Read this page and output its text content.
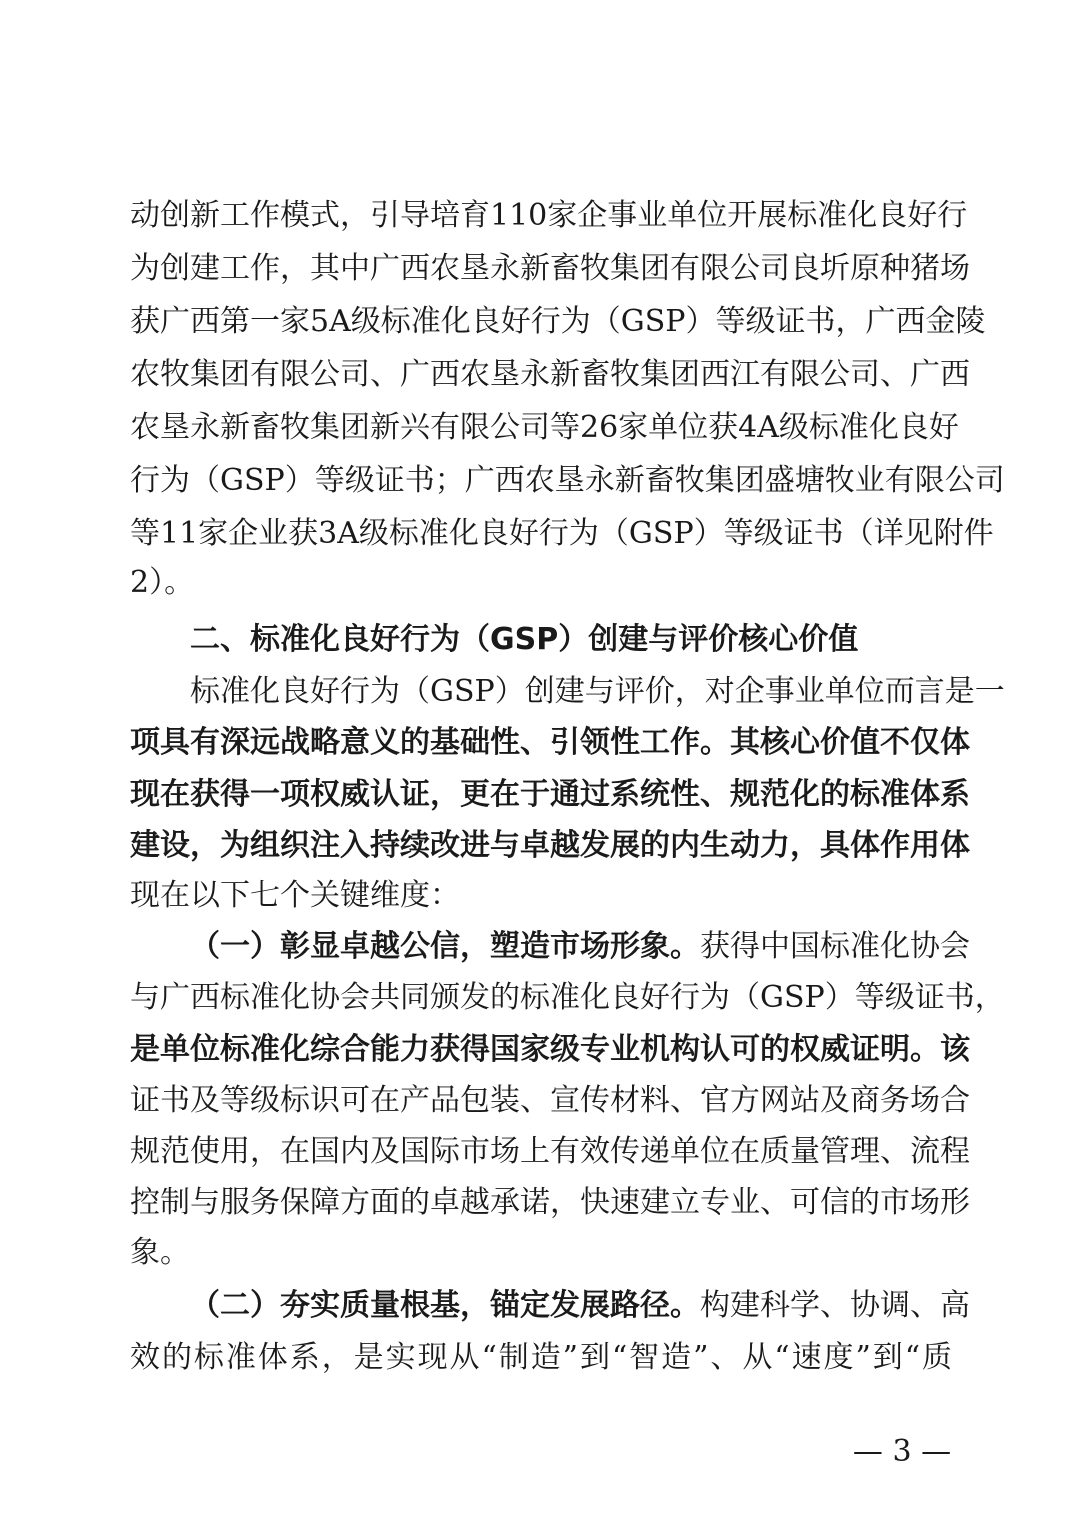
动创新工作模式，引导培育110家企事业单位开展标准化良好行
为创建工作，其中广西农垦永新畜牧集团有限公司良圻原种猪场
获广西第一家5A级标准化良好行为（GSP）等级证书，广西金陵
农牧集团有限公司、广西农垦永新畜牧集团西江有限公司、广西
农垦永新畜牧集团新兴有限公司等26家单位获4A级标准化良好
行为（GSP）等级证书；广西农垦永新畜牧集团盛塘牧业有限公司
等11家企业获3A级标准化良好行为（GSP）等级证书（详见附件
2）。
二、标准化良好行为（GSP）创建与评价核心价值
标准化良好行为（GSP）创建与评价，对企事业单位而言是一
项具有深远战略意义的基础性、引领性工作。其核心价值不仅体
现在获得一项权威认证，更在于通过系统性、规范化的标准体系
建设，为组织注入持续改进与卓越发展的内生动力，具体作用体
现在以下七个关键维度：
（一）彰显卓越公信，塑造市场形象。获得中国标准化协会
与广西标准化协会共同颁发的标准化良好行为（GSP）等级证书，
是单位标准化综合能力获得国家级专业机构认可的权威证明。该
证书及等级标识可在产品包装、宣传材料、官方网站及商务场合
规范使用，在国内及国际市场上有效传递单位在质量管理、流程
控制与服务保障方面的卓越承诺，快速建立专业、可信的市场形
象。
（二）夯实质量根基，锚定发展路径。构建科学、协调、高
效的标准体系，是实现从“制造”到“智造”、从“速度”到“质
— 3 —
